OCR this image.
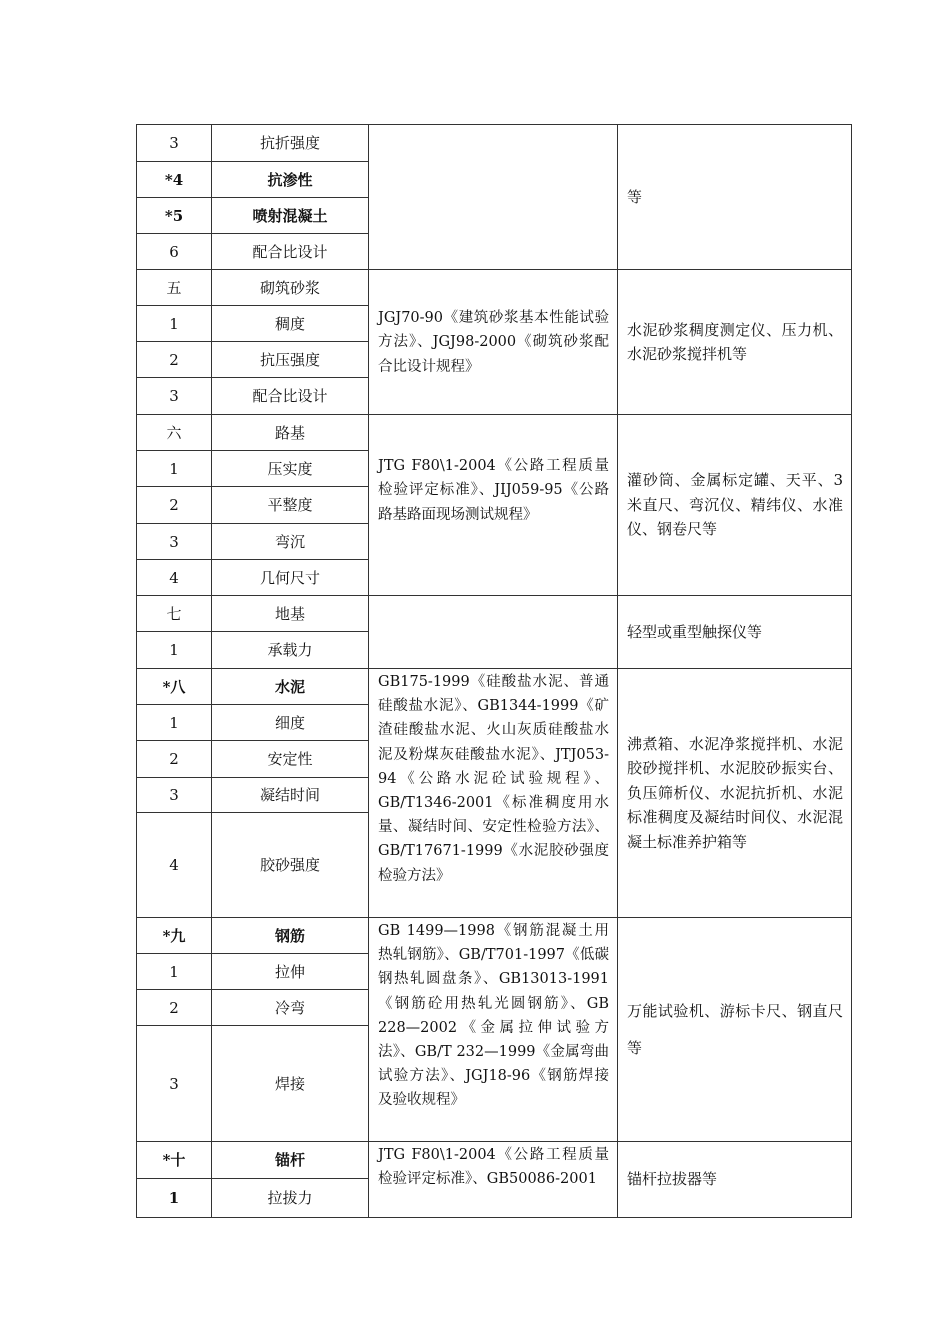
3	抗折强度		等
*4	抗渗性		
*5	喷射混凝土		
6	配合比设计		
五	砌筑砂浆	JGJ70-90《建筑砂浆基本性能试验方法》、JGJ98-2000《砌筑砂浆配合比设计规程》	水泥砂浆稠度测定仪、压力机、水泥砂浆搅拌机等
1	稠度		
2	抗压强度		
3	配合比设计		
六	路基	JTG F80\1-2004《公路工程质量检验评定标准》、JIJ059-95《公路路基路面现场测试规程》	灌砂筒、金属标定罐、天平、3米直尺、弯沉仪、精纬仪、水准仪、钢卷尺等
1	压实度		
2	平整度		
3	弯沉		
4	几何尺寸		
七	地基		轻型或重型触探仪等
1	承载力		
*八	水泥	GB175-1999《硅酸盐水泥、普通硅酸盐水泥》、GB1344-1999《矿渣硅酸盐水泥、火山灰质硅酸盐水泥及粉煤灰硅酸盐水泥》、JTJ053-94《公路水泥砼试验规程》、GB/T1346-2001《标准稠度用水量、凝结时间、安定性检验方法》、GB/T17671-1999《水泥胶砂强度检验方法》	沸煮箱、水泥净浆搅拌机、水泥胶砂搅拌机、水泥胶砂振实台、负压筛析仪、水泥抗折机、水泥标准稠度及凝结时间仪、水泥混凝土标准养护箱等
1	细度		
2	安定性		
3	凝结时间		
4	胶砂强度		
*九	钢筋	GB 1499—1998《钢筋混凝土用热轧钢筋》、GB/T701-1997《低碳钢热轧圆盘条》、GB13013-1991《钢筋砼用热轧光圆钢筋》、GB 228—2002《金属拉伸试验方法》、GB/T 232—1999《金属弯曲试验方法》、JGJ18-96《钢筋焊接及验收规程》	万能试验机、游标卡尺、钢直尺等
1	拉伸		
2	冷弯		
3	焊接		
*十	锚杆	JTG F80\1-2004《公路工程质量检验评定标准》、GB50086-2001	锚杆拉拔器等
1	拉拔力		
